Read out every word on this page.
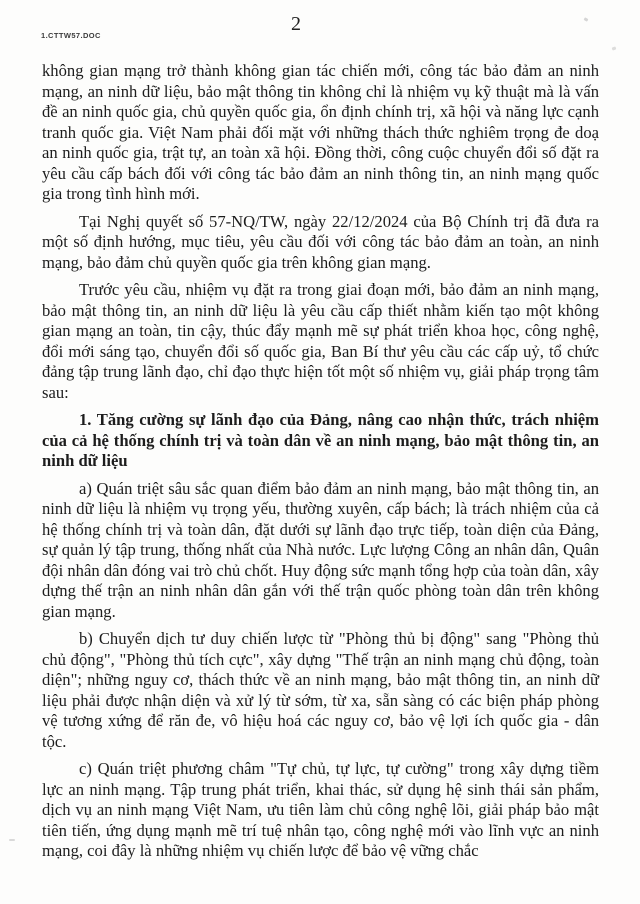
1.CTTW57.DOC
2

không gian mạng trở thành không gian tác chiến mới, công tác bảo đảm an ninh mạng, an ninh dữ liệu, bảo mật thông tin không chỉ là nhiệm vụ kỹ thuật mà là vấn đề an ninh quốc gia, chủ quyền quốc gia, ổn định chính trị, xã hội và năng lực cạnh tranh quốc gia. Việt Nam phải đối mặt với những thách thức nghiêm trọng đe doạ an ninh quốc gia, trật tự, an toàn xã hội. Đồng thời, công cuộc chuyển đổi số đặt ra yêu cầu cấp bách đối với công tác bảo đảm an ninh thông tin, an ninh mạng quốc gia trong tình hình mới.

Tại Nghị quyết số 57-NQ/TW, ngày 22/12/2024 của Bộ Chính trị đã đưa ra một số định hướng, mục tiêu, yêu cầu đối với công tác bảo đảm an toàn, an ninh mạng, bảo đảm chủ quyền quốc gia trên không gian mạng.

Trước yêu cầu, nhiệm vụ đặt ra trong giai đoạn mới, bảo đảm an ninh mạng, bảo mật thông tin, an ninh dữ liệu là yêu cầu cấp thiết nhằm kiến tạo một không gian mạng an toàn, tin cậy, thúc đẩy mạnh mẽ sự phát triển khoa học, công nghệ, đổi mới sáng tạo, chuyển đổi số quốc gia, Ban Bí thư yêu cầu các cấp uỷ, tổ chức đảng tập trung lãnh đạo, chỉ đạo thực hiện tốt một số nhiệm vụ, giải pháp trọng tâm sau:

1. Tăng cường sự lãnh đạo của Đảng, nâng cao nhận thức, trách nhiệm của cả hệ thống chính trị và toàn dân về an ninh mạng, bảo mật thông tin, an ninh dữ liệu

a) Quán triệt sâu sắc quan điểm bảo đảm an ninh mạng, bảo mật thông tin, an ninh dữ liệu là nhiệm vụ trọng yếu, thường xuyên, cấp bách; là trách nhiệm của cả hệ thống chính trị và toàn dân, đặt dưới sự lãnh đạo trực tiếp, toàn diện của Đảng, sự quản lý tập trung, thống nhất của Nhà nước. Lực lượng Công an nhân dân, Quân đội nhân dân đóng vai trò chủ chốt. Huy động sức mạnh tổng hợp của toàn dân, xây dựng thế trận an ninh nhân dân gắn với thế trận quốc phòng toàn dân trên không gian mạng.

b) Chuyển dịch tư duy chiến lược từ "Phòng thủ bị động" sang "Phòng thủ chủ động", "Phòng thủ tích cực", xây dựng "Thế trận an ninh mạng chủ động, toàn diện"; những nguy cơ, thách thức về an ninh mạng, bảo mật thông tin, an ninh dữ liệu phải được nhận diện và xử lý từ sớm, từ xa, sẵn sàng có các biện pháp phòng vệ tương xứng để răn đe, vô hiệu hoá các nguy cơ, bảo vệ lợi ích quốc gia - dân tộc.

c) Quán triệt phương châm "Tự chủ, tự lực, tự cường" trong xây dựng tiềm lực an ninh mạng. Tập trung phát triển, khai thác, sử dụng hệ sinh thái sản phẩm, dịch vụ an ninh mạng Việt Nam, ưu tiên làm chủ công nghệ lõi, giải pháp bảo mật tiên tiến, ứng dụng mạnh mẽ trí tuệ nhân tạo, công nghệ mới vào lĩnh vực an ninh mạng, coi đây là những nhiệm vụ chiến lược để bảo vệ vững chắc
